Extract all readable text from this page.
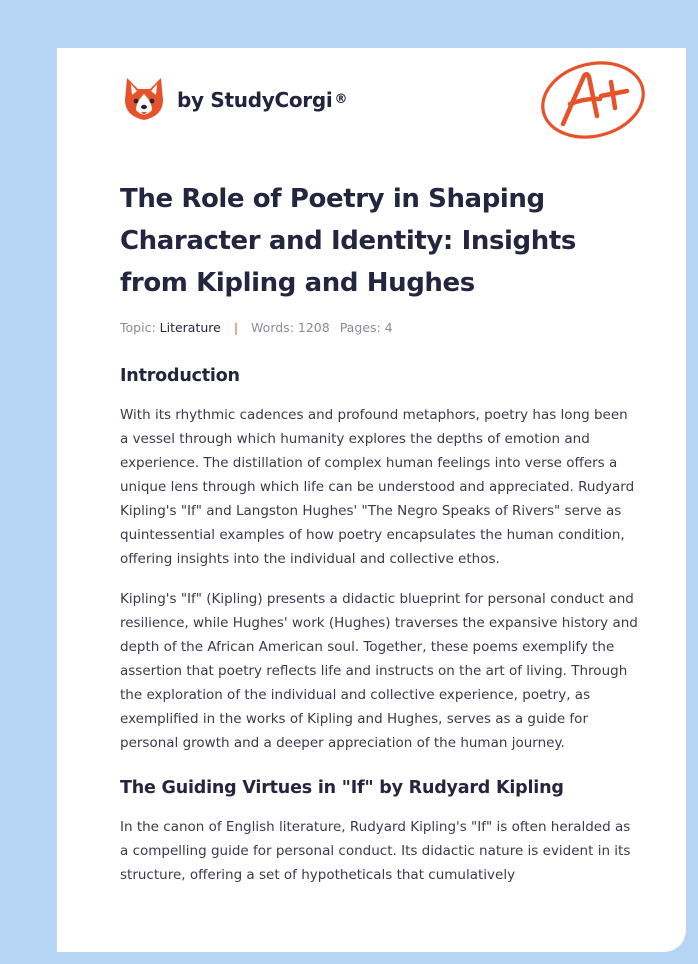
by StudyCorgi ®
The Role of Poetry in Shaping Character and Identity: Insights from Kipling and Hughes
Topic: Literature | Words: 1208 Pages: 4
Introduction

With its rhythmic cadences and profound metaphors, poetry has long been a vessel through which humanity explores the depths of emotion and experience. The distillation of complex human feelings into verse offers a unique lens through which life can be understood and appreciated. Rudyard Kipling's "If" and Langston Hughes' "The Negro Speaks of Rivers" serve as quintessential examples of how poetry encapsulates the human condition, offering insights into the individual and collective ethos.

Kipling's "If" (Kipling) presents a didactic blueprint for personal conduct and resilience, while Hughes' work (Hughes) traverses the expansive history and depth of the African American soul. Together, these poems exemplify the assertion that poetry reflects life and instructs on the art of living. Through the exploration of the individual and collective experience, poetry, as exemplified in the works of Kipling and Hughes, serves as a guide for personal growth and a deeper appreciation of the human journey.

The Guiding Virtues in "If" by Rudyard Kipling

In the canon of English literature, Rudyard Kipling's "If" is often heralded as a compelling guide for personal conduct. Its didactic nature is evident in its structure, offering a set of hypotheticals that cumulatively
